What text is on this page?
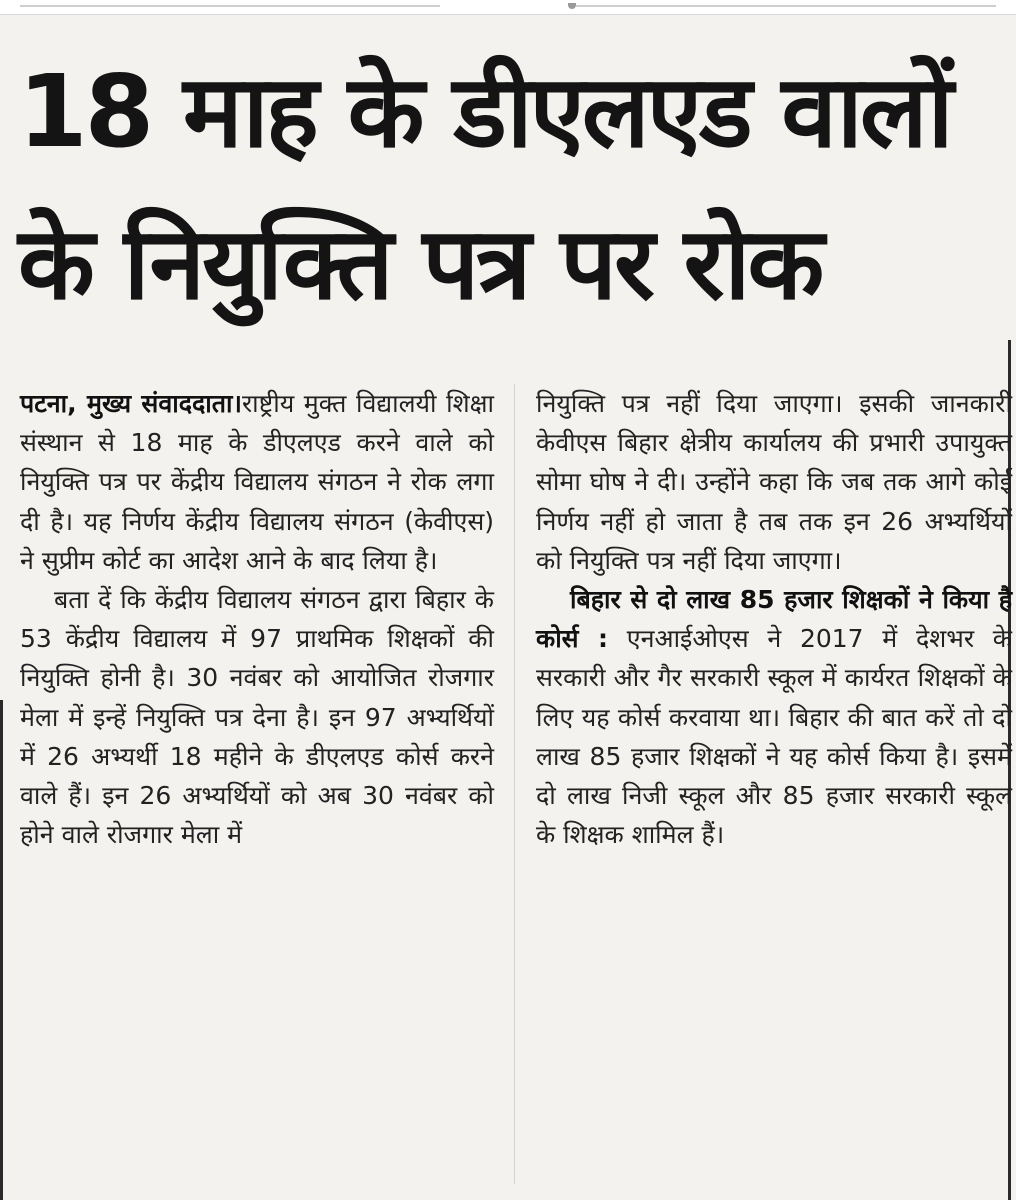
18 माह के डीएलएड वालों
के नियुक्ति पत्र पर रोक

पटना, मुख्य संवाददाता।राष्ट्रीय मुक्त विद्यालयी शिक्षा संस्थान से 18 माह के डीएलएड करने वाले को नियुक्ति पत्र पर केंद्रीय विद्यालय संगठन ने रोक लगा दी है। यह निर्णय केंद्रीय विद्यालय संगठन (केवीएस) ने सुप्रीम कोर्ट का आदेश आने के बाद लिया है।

बता दें कि केंद्रीय विद्यालय संगठन द्वारा बिहार के 53 केंद्रीय विद्यालय में 97 प्राथमिक शिक्षकों की नियुक्ति होनी है। 30 नवंबर को आयोजित रोजगार मेला में इन्हें नियुक्ति पत्र देना है। इन 97 अभ्यर्थियों में 26 अभ्यर्थी 18 महीने के डीएलएड कोर्स करने वाले हैं। इन 26 अभ्यर्थियों को अब 30 नवंबर को होने वाले रोजगार मेला में

नियुक्ति पत्र नहीं दिया जाएगा। इसकी जानकारी केवीएस बिहार क्षेत्रीय कार्यालय की प्रभारी उपायुक्त सोमा घोष ने दी। उन्होंने कहा कि जब तक आगे कोई निर्णय नहीं हो जाता है तब तक इन 26 अभ्यर्थियों को नियुक्ति पत्र नहीं दिया जाएगा।

बिहार से दो लाख 85 हजार शिक्षकों ने किया है कोर्स : एनआईओएस ने 2017 में देशभर के सरकारी और गैर सरकारी स्कूल में कार्यरत शिक्षकों के लिए यह कोर्स करवाया था। बिहार की बात करें तो दो लाख 85 हजार शिक्षकों ने यह कोर्स किया है। इसमें दो लाख निजी स्कूल और 85 हजार सरकारी स्कूल के शिक्षक शामिल हैं।
